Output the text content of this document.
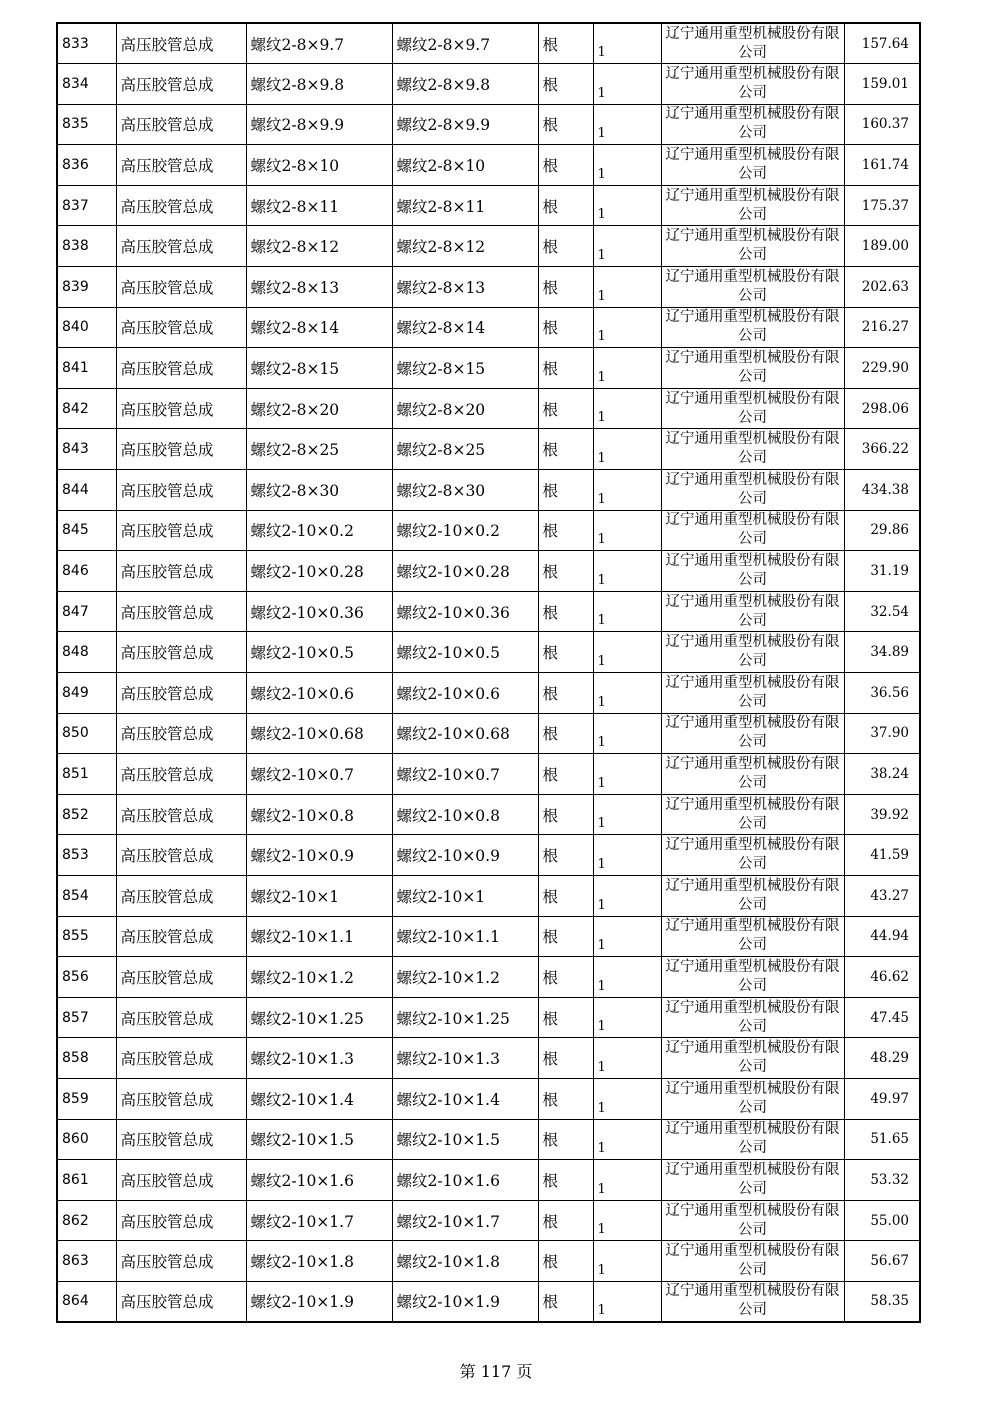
833	高压胶管总成	螺纹2-8×9.7	螺纹2-8×9.7	根	1	辽宁通用重型机械股份有限公司	157.64
834	高压胶管总成	螺纹2-8×9.8	螺纹2-8×9.8	根	1	辽宁通用重型机械股份有限公司	159.01
835	高压胶管总成	螺纹2-8×9.9	螺纹2-8×9.9	根	1	辽宁通用重型机械股份有限公司	160.37
836	高压胶管总成	螺纹2-8×10	螺纹2-8×10	根	1	辽宁通用重型机械股份有限公司	161.74
837	高压胶管总成	螺纹2-8×11	螺纹2-8×11	根	1	辽宁通用重型机械股份有限公司	175.37
838	高压胶管总成	螺纹2-8×12	螺纹2-8×12	根	1	辽宁通用重型机械股份有限公司	189.00
839	高压胶管总成	螺纹2-8×13	螺纹2-8×13	根	1	辽宁通用重型机械股份有限公司	202.63
840	高压胶管总成	螺纹2-8×14	螺纹2-8×14	根	1	辽宁通用重型机械股份有限公司	216.27
841	高压胶管总成	螺纹2-8×15	螺纹2-8×15	根	1	辽宁通用重型机械股份有限公司	229.90
842	高压胶管总成	螺纹2-8×20	螺纹2-8×20	根	1	辽宁通用重型机械股份有限公司	298.06
843	高压胶管总成	螺纹2-8×25	螺纹2-8×25	根	1	辽宁通用重型机械股份有限公司	366.22
844	高压胶管总成	螺纹2-8×30	螺纹2-8×30	根	1	辽宁通用重型机械股份有限公司	434.38
845	高压胶管总成	螺纹2-10×0.2	螺纹2-10×0.2	根	1	辽宁通用重型机械股份有限公司	29.86
846	高压胶管总成	螺纹2-10×0.28	螺纹2-10×0.28	根	1	辽宁通用重型机械股份有限公司	31.19
847	高压胶管总成	螺纹2-10×0.36	螺纹2-10×0.36	根	1	辽宁通用重型机械股份有限公司	32.54
848	高压胶管总成	螺纹2-10×0.5	螺纹2-10×0.5	根	1	辽宁通用重型机械股份有限公司	34.89
849	高压胶管总成	螺纹2-10×0.6	螺纹2-10×0.6	根	1	辽宁通用重型机械股份有限公司	36.56
850	高压胶管总成	螺纹2-10×0.68	螺纹2-10×0.68	根	1	辽宁通用重型机械股份有限公司	37.90
851	高压胶管总成	螺纹2-10×0.7	螺纹2-10×0.7	根	1	辽宁通用重型机械股份有限公司	38.24
852	高压胶管总成	螺纹2-10×0.8	螺纹2-10×0.8	根	1	辽宁通用重型机械股份有限公司	39.92
853	高压胶管总成	螺纹2-10×0.9	螺纹2-10×0.9	根	1	辽宁通用重型机械股份有限公司	41.59
854	高压胶管总成	螺纹2-10×1	螺纹2-10×1	根	1	辽宁通用重型机械股份有限公司	43.27
855	高压胶管总成	螺纹2-10×1.1	螺纹2-10×1.1	根	1	辽宁通用重型机械股份有限公司	44.94
856	高压胶管总成	螺纹2-10×1.2	螺纹2-10×1.2	根	1	辽宁通用重型机械股份有限公司	46.62
857	高压胶管总成	螺纹2-10×1.25	螺纹2-10×1.25	根	1	辽宁通用重型机械股份有限公司	47.45
858	高压胶管总成	螺纹2-10×1.3	螺纹2-10×1.3	根	1	辽宁通用重型机械股份有限公司	48.29
859	高压胶管总成	螺纹2-10×1.4	螺纹2-10×1.4	根	1	辽宁通用重型机械股份有限公司	49.97
860	高压胶管总成	螺纹2-10×1.5	螺纹2-10×1.5	根	1	辽宁通用重型机械股份有限公司	51.65
861	高压胶管总成	螺纹2-10×1.6	螺纹2-10×1.6	根	1	辽宁通用重型机械股份有限公司	53.32
862	高压胶管总成	螺纹2-10×1.7	螺纹2-10×1.7	根	1	辽宁通用重型机械股份有限公司	55.00
863	高压胶管总成	螺纹2-10×1.8	螺纹2-10×1.8	根	1	辽宁通用重型机械股份有限公司	56.67
864	高压胶管总成	螺纹2-10×1.9	螺纹2-10×1.9	根	1	辽宁通用重型机械股份有限公司	58.35
第 117 页
